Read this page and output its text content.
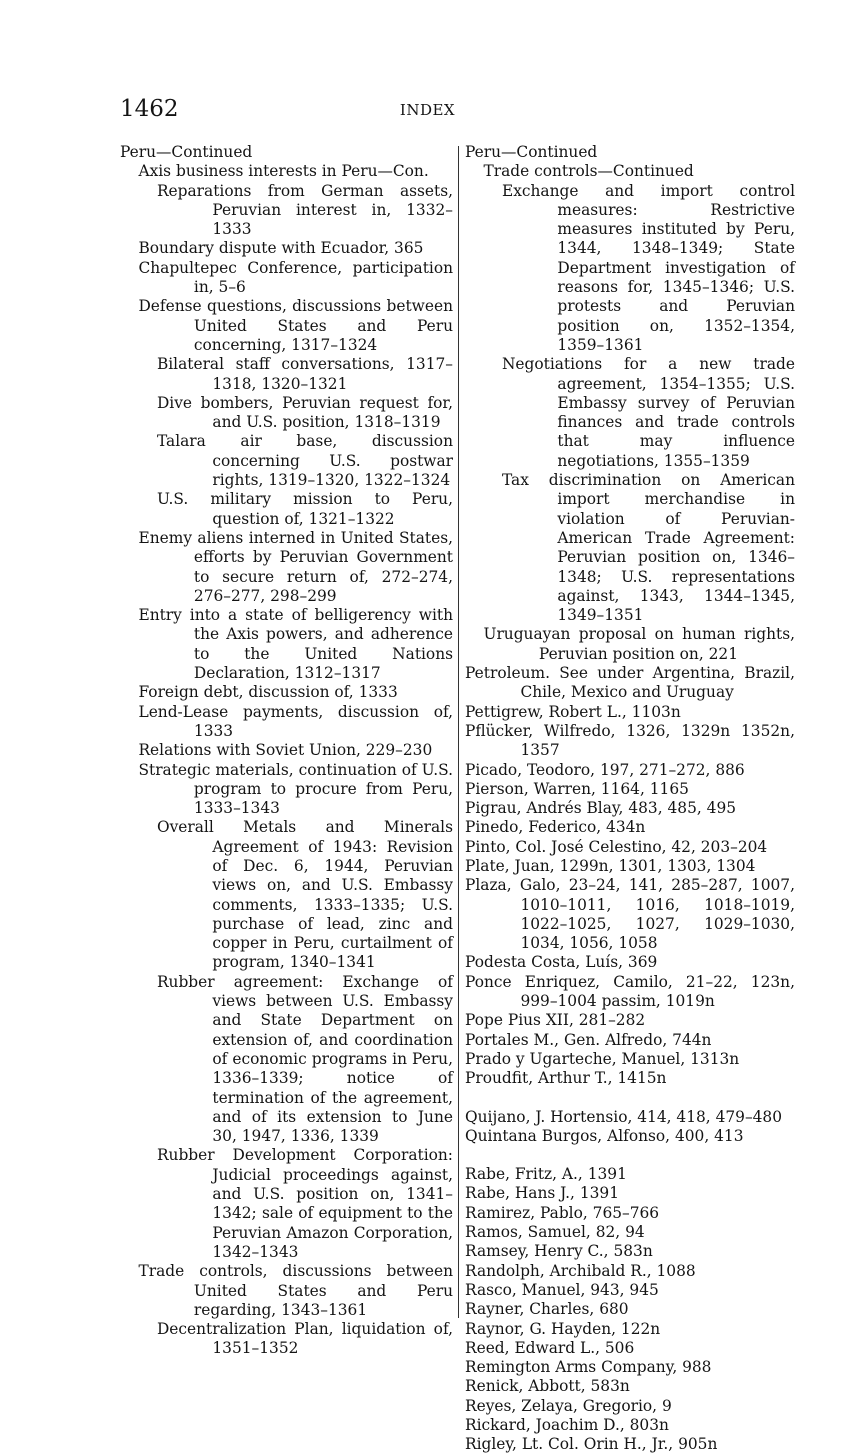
1462	INDEX
Peru—Continued
Axis business interests in Peru—Con.
Reparations from German assets, Peruvian interest in, 1332–1333
Boundary dispute with Ecuador, 365
Chapultepec Conference, participation in, 5–6
Defense questions, discussions between United States and Peru concerning, 1317–1324
Bilateral staff conversations, 1317–1318, 1320–1321
Dive bombers, Peruvian request for, and U.S. position, 1318–1319
Talara air base, discussion concerning U.S. postwar rights, 1319–1320, 1322–1324
U.S. military mission to Peru, question of, 1321–1322
Enemy aliens interned in United States, efforts by Peruvian Government to secure return of, 272–274, 276–277, 298–299
Entry into a state of belligerency with the Axis powers, and adherence to the United Nations Declaration, 1312–1317
Foreign debt, discussion of, 1333
Lend-Lease payments, discussion of, 1333
Relations with Soviet Union, 229–230
Strategic materials, continuation of U.S. program to procure from Peru, 1333–1343
Overall Metals and Minerals Agreement of 1943: Revision of Dec. 6, 1944, Peruvian views on, and U.S. Embassy comments, 1333–1335; U.S. purchase of lead, zinc and copper in Peru, curtailment of program, 1340–1341
Rubber agreement: Exchange of views between U.S. Embassy and State Department on extension of, and coordination of economic programs in Peru, 1336–1339; notice of termination of the agreement, and of its extension to June 30, 1947, 1336, 1339
Rubber Development Corporation: Judicial proceedings against, and U.S. position on, 1341–1342; sale of equipment to the Peruvian Amazon Corporation, 1342–1343
Trade controls, discussions between United States and Peru regarding, 1343–1361
Decentralization Plan, liquidation of, 1351–1352
Peru—Continued
Trade controls—Continued
Exchange and import control measures: Restrictive measures instituted by Peru, 1344, 1348–1349; State Department investigation of reasons for, 1345–1346; U.S. protests and Peruvian position on, 1352–1354, 1359–1361
Negotiations for a new trade agreement, 1354–1355; U.S. Embassy survey of Peruvian finances and trade controls that may influence negotiations, 1355–1359
Tax discrimination on American import merchandise in violation of Peruvian-American Trade Agreement: Peruvian position on, 1346–1348; U.S. representations against, 1343, 1344–1345, 1349–1351
Uruguayan proposal on human rights, Peruvian position on, 221
Petroleum. See under Argentina, Brazil, Chile, Mexico and Uruguay
Pettigrew, Robert L., 1103n
Pflücker, Wilfredo, 1326, 1329n 1352n, 1357
Picado, Teodoro, 197, 271–272, 886
Pierson, Warren, 1164, 1165
Pigrau, Andrés Blay, 483, 485, 495
Pinedo, Federico, 434n
Pinto, Col. José Celestino, 42, 203–204
Plate, Juan, 1299n, 1301, 1303, 1304
Plaza, Galo, 23–24, 141, 285–287, 1007, 1010–1011, 1016, 1018–1019, 1022–1025, 1027, 1029–1030, 1034, 1056, 1058
Podesta Costa, Luís, 369
Ponce Enriquez, Camilo, 21–22, 123n, 999–1004 passim, 1019n
Pope Pius XII, 281–282
Portales M., Gen. Alfredo, 744n
Prado y Ugarteche, Manuel, 1313n
Proudfit, Arthur T., 1415n
Quijano, J. Hortensio, 414, 418, 479–480
Quintana Burgos, Alfonso, 400, 413
Rabe, Fritz, A., 1391
Rabe, Hans J., 1391
Ramirez, Pablo, 765–766
Ramos, Samuel, 82, 94
Ramsey, Henry C., 583n
Randolph, Archibald R., 1088
Rasco, Manuel, 943, 945
Rayner, Charles, 680
Raynor, G. Hayden, 122n
Reed, Edward L., 506
Remington Arms Company, 988
Renick, Abbott, 583n
Reyes, Zelaya, Gregorio, 9
Rickard, Joachim D., 803n
Rigley, Lt. Col. Orin H., Jr., 905n
